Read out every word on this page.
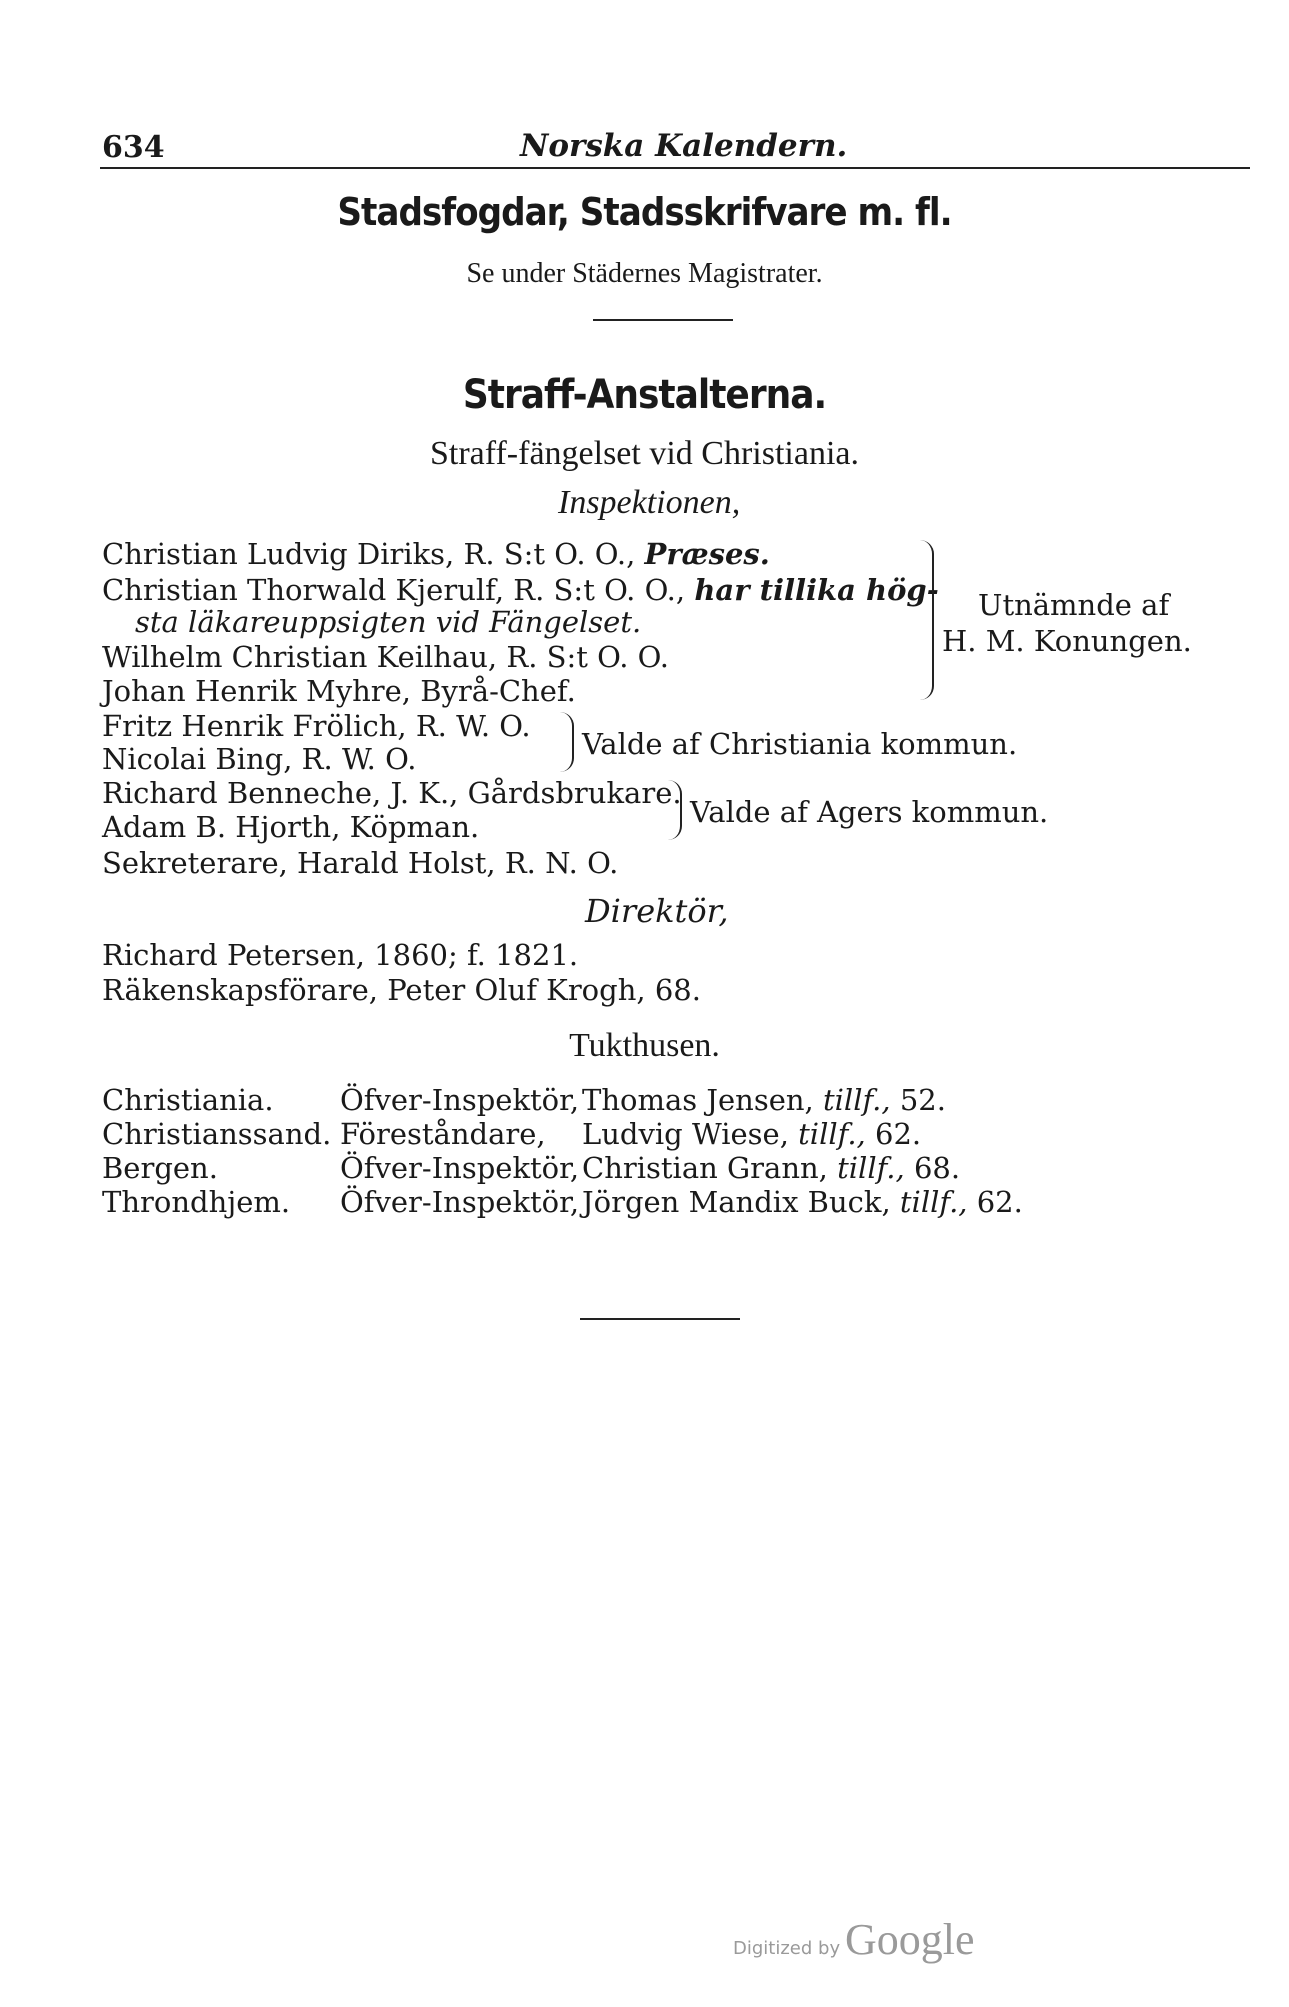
634	Norska Kalendern.
Stadsfogdar, Stadsskrifvare m. fl.
Se under Städernes Magistrater.
Straff-Anstalterna.
Straff-fängelset vid Christiania.
Inspektionen,
Christian Ludvig Diriks, R. S:t O. O., Præses.
Christian Thorwald Kjerulf, R. S:t O. O., har tillika hög-
sta läkareuppsigten vid Fängelset.
Wilhelm Christian Keilhau, R. S:t O. O.
Johan Henrik Myhre, Byrå-Chef.
Fritz Henrik Frölich, R. W. O.
Nicolai Bing, R. W. O.
Richard Benneche, J. K., Gårdsbrukare.
Adam B. Hjorth, Köpman.
Sekreterare, Harald Holst, R. N. O.
Utnämnde af
H. M. Konungen.
Valde af Christiania kommun.
Valde af Agers kommun.
Direktör,
Richard Petersen, 1860; f. 1821.
Räkenskapsförare, Peter Oluf Krogh, 68.
Tukthusen.
Christiania. Öfver-Inspektör, Thomas Jensen, tillf., 52.
Christianssand. Föreståndare, Ludvig Wiese, tillf., 62.
Bergen.	Öfver-Inspektör, Christian Grann, tillf., 68.
Throndhjem. Öfver-Inspektör, Jörgen Mandix Buck, tillf., 62.
Digitized by Google
